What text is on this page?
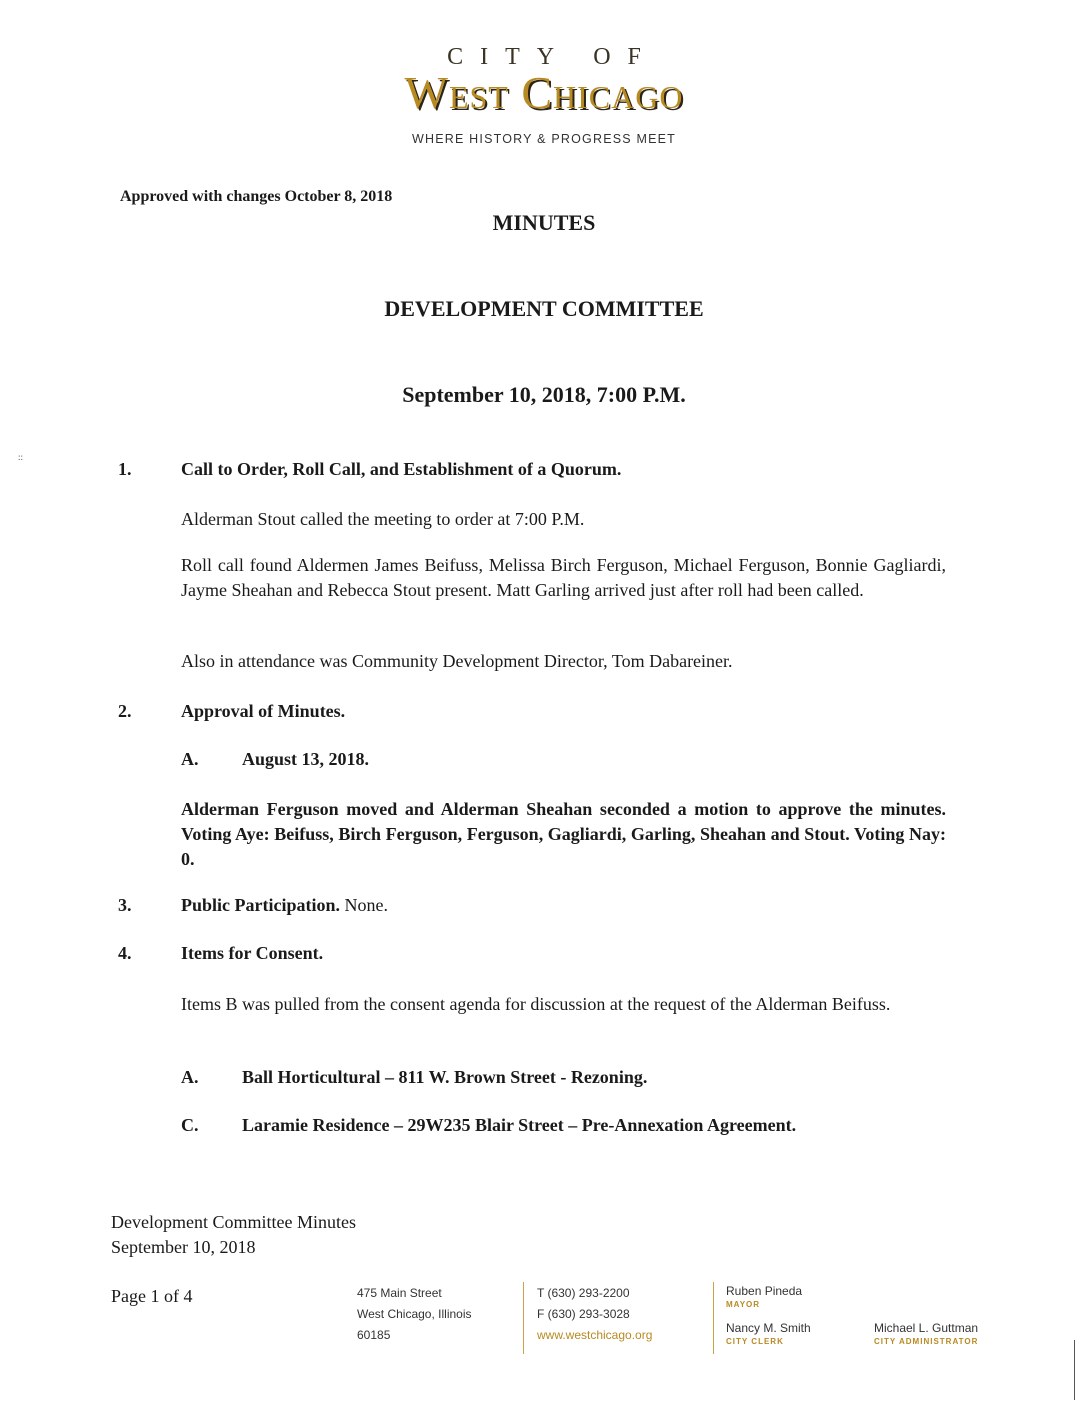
CITY OF
West Chicago
WHERE HISTORY & PROGRESS MEET
Approved with changes October 8, 2018
MINUTES
DEVELOPMENT COMMITTEE
September 10, 2018, 7:00 P.M.
::
1.	Call to Order, Roll Call, and Establishment of a Quorum.
Alderman Stout called the meeting to order at 7:00 P.M.
Roll call found Aldermen James Beifuss, Melissa Birch Ferguson, Michael Ferguson, Bonnie Gagliardi, Jayme Sheahan and Rebecca Stout present. Matt Garling arrived just after roll had been called.
Also in attendance was Community Development Director, Tom Dabareiner.
2.	Approval of Minutes.
A. August 13, 2018.
Alderman Ferguson moved and Alderman Sheahan seconded a motion to approve the minutes. Voting Aye: Beifuss, Birch Ferguson, Ferguson, Gagliardi, Garling, Sheahan and Stout. Voting Nay: 0.
3.	Public Participation. None.
4.	Items for Consent.
Items B was pulled from the consent agenda for discussion at the request of the Alderman Beifuss.
A. Ball Horticultural – 811 W. Brown Street - Rezoning.
C. Laramie Residence – 29W235 Blair Street – Pre-Annexation Agreement.
Development Committee Minutes
September 10, 2018
Page 1 of 4	475 Main Street
West Chicago, Illinois
60185
T (630) 293-2200
F (630) 293-3028
www.westchicago.org
Ruben Pineda
MAYOR
Nancy M. Smith
CITY CLERK
Michael L. Guttman
CITY ADMINISTRATOR
